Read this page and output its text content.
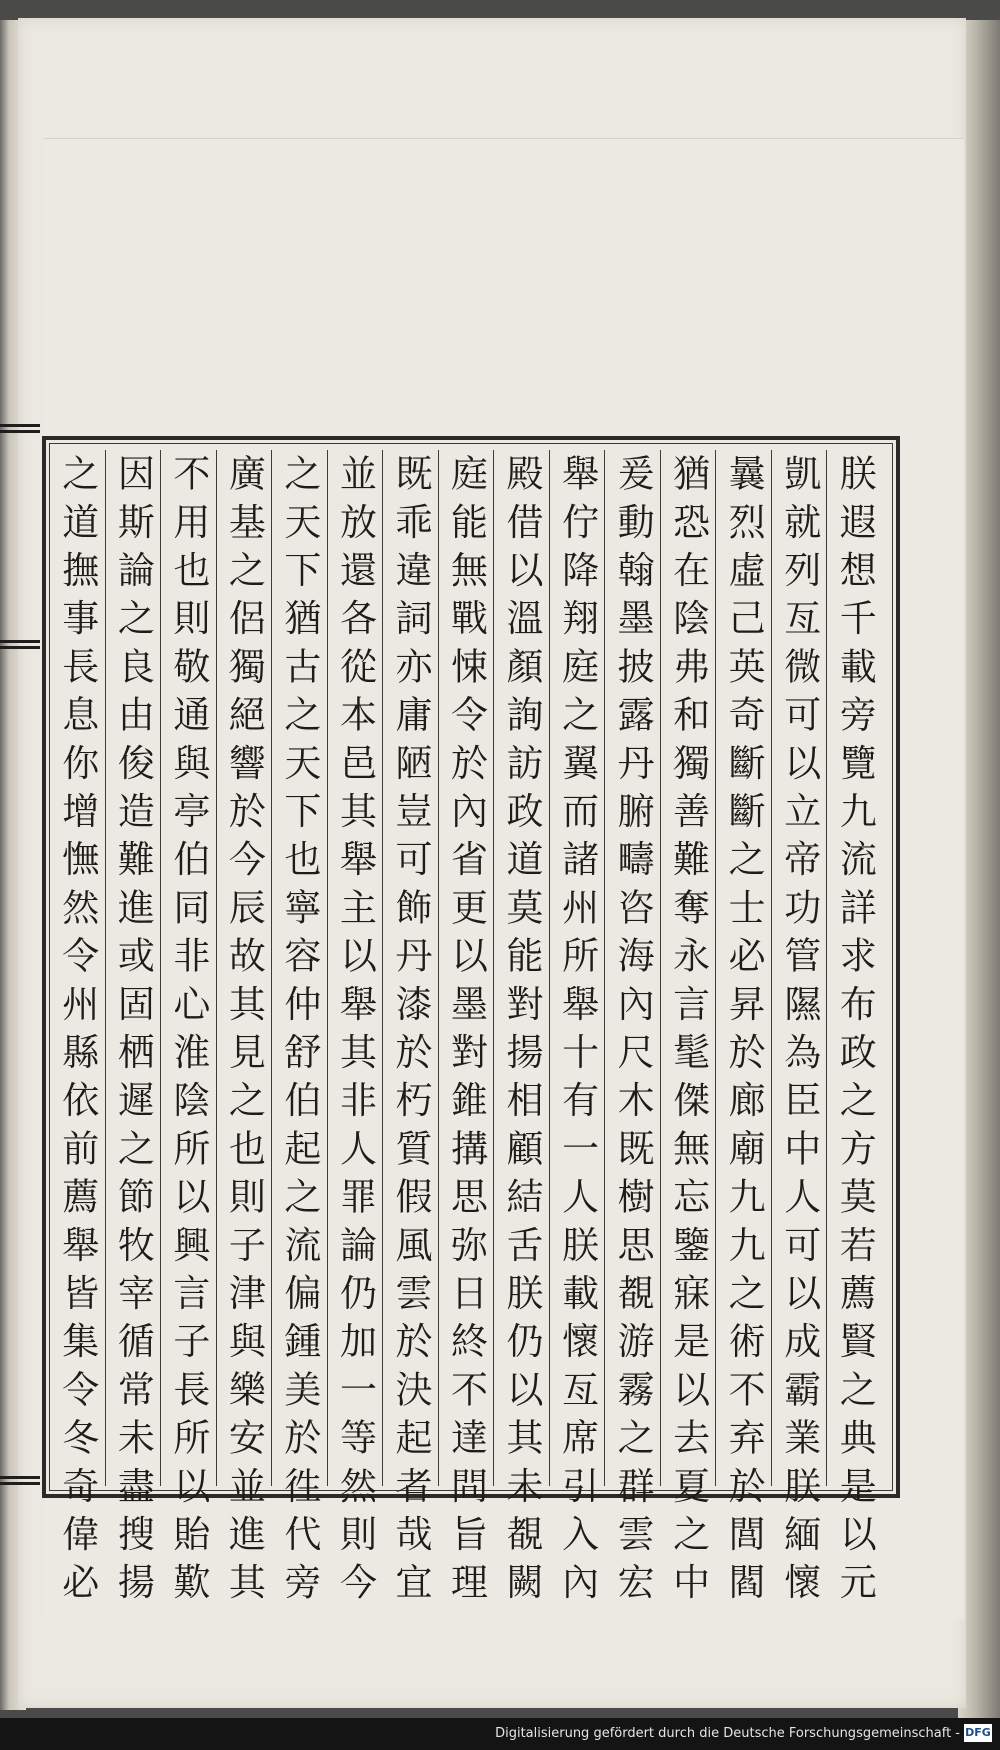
朕遐想千載旁覽九流詳求布政之方莫若薦賢之典是以元
凱就列亙微可以立帝功管隰為臣中人可以成霸業朕緬懷
曩烈虛己英奇斷斷之士必昇於廊廟九九之術不弃於閭閻
猶恐在陰弗和獨善難奪永言髦傑無忘鑒寐是以去夏之中
爰動翰墨披露丹腑疇咨海內尺木既樹思覩游霧之群雲宏
舉佇降翔庭之翼而諸州所舉十有一人朕載懷亙席引入內
殿借以溫顏詢訪政道莫能對揚相顧結舌朕仍以其未覩闕
庭能無戰悚令於內省更以墨對錐搆思弥日終不達問旨理
既乖違詞亦庸陋豈可飾丹漆於朽質假風雲於決起者哉宜
並放還各從本邑其舉主以舉其非人罪論仍加一等然則今
之天下猶古之天下也寧容仲舒伯起之流偏鍾美於徃代旁
廣基之侶獨絕響於今辰故其見之也則子津與樂安並進其
不用也則敬通與亭伯同非心淮陰所以興言子長所以貽歎
因斯論之良由俊造難進或固栖遲之節牧宰循常未盡搜揚
之道撫事長息你增憮然令州縣依前薦舉皆集令冬奇偉必
Digitalisierung gefördert durch die Deutsche Forschungsgemeinschaft - DFG
